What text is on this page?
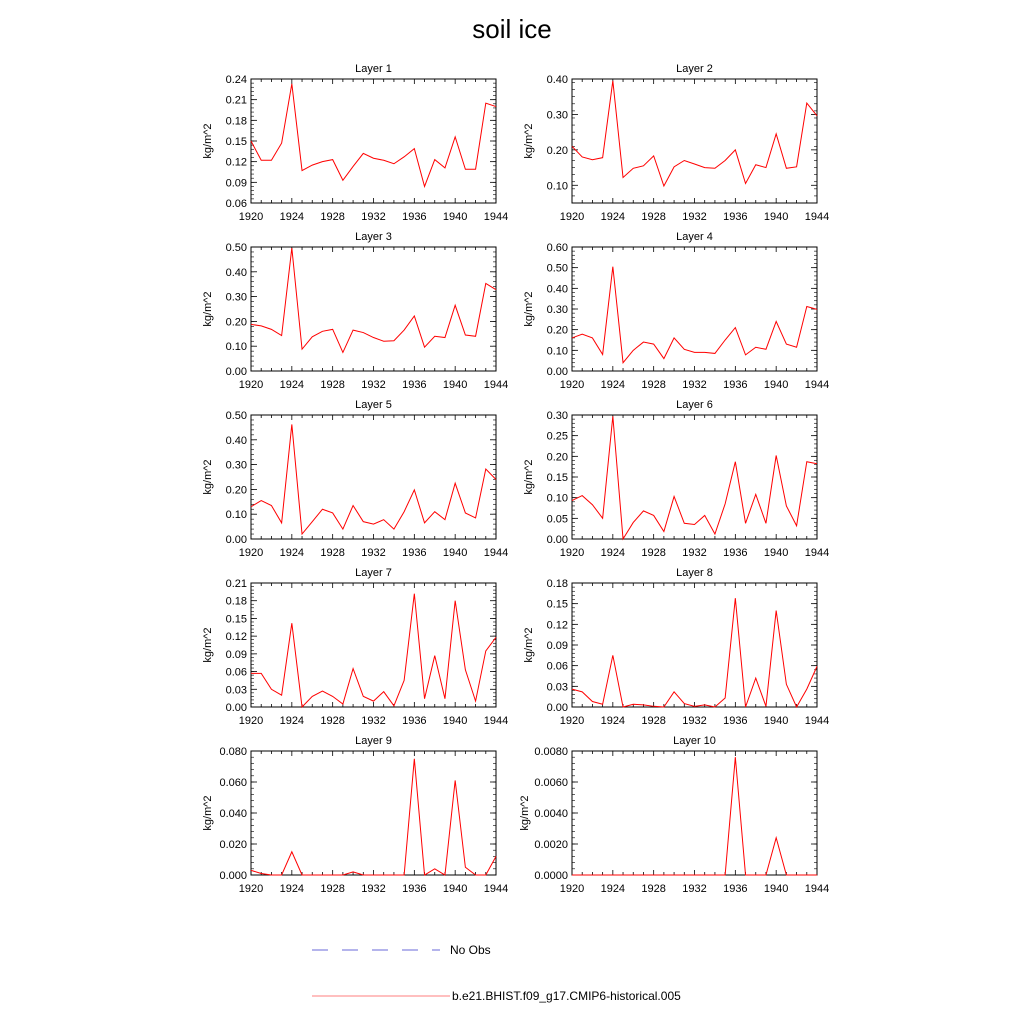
soil ice
Layer 1
1920 1924 1928 1932 1936 1940 1944
0.06
0.09
0.12
0.15
0.18
0.21
0.24
kg/m^2
Layer 2
1920 1924 1928 1932 1936 1940 1944
0.10
0.20
0.30
0.40
kg/m^2
Layer 3
1920 1924 1928 1932 1936 1940 1944
0.00
0.10
0.20
0.30
0.40
0.50
kg/m^2
Layer 4
1920 1924 1928 1932 1936 1940 1944
0.00
0.10
0.20
0.30
0.40
0.50
0.60
kg/m^2
Layer 5
1920 1924 1928 1932 1936 1940 1944
0.00
0.10
0.20
0.30
0.40
0.50
kg/m^2
Layer 6
1920 1924 1928 1932 1936 1940 1944
0.00
0.05
0.10
0.15
0.20
0.25
0.30
kg/m^2
Layer 7
1920 1924 1928 1932 1936 1940 1944
0.00
0.03
0.06
0.09
0.12
0.15
0.18
0.21
kg/m^2
Layer 8
1920 1924 1928 1932 1936 1940 1944
0.00
0.03
0.06
0.09
0.12
0.15
0.18
kg/m^2
Layer 9
1920 1924 1928 1932 1936 1940 1944
0.000
0.020
0.040
0.060
0.080
kg/m^2
Layer 10
1920 1924 1928 1932 1936 1940 1944
0.0000
0.0020
0.0040
0.0060
0.0080
kg/m^2
No Obs
b.e21.BHIST.f09_g17.CMIP6-historical.005
